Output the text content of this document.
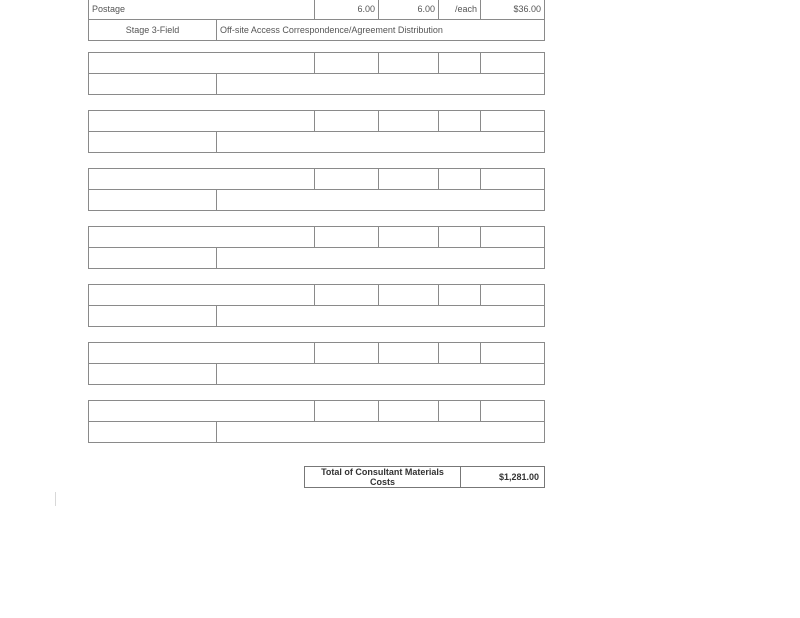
Postage		6.00	6.00	/each	$36.00
Stage 3-Field	Off-site Access Correspondence/Agreement Distribution				

Total of Consultant Materials Costs	$1,281.00
